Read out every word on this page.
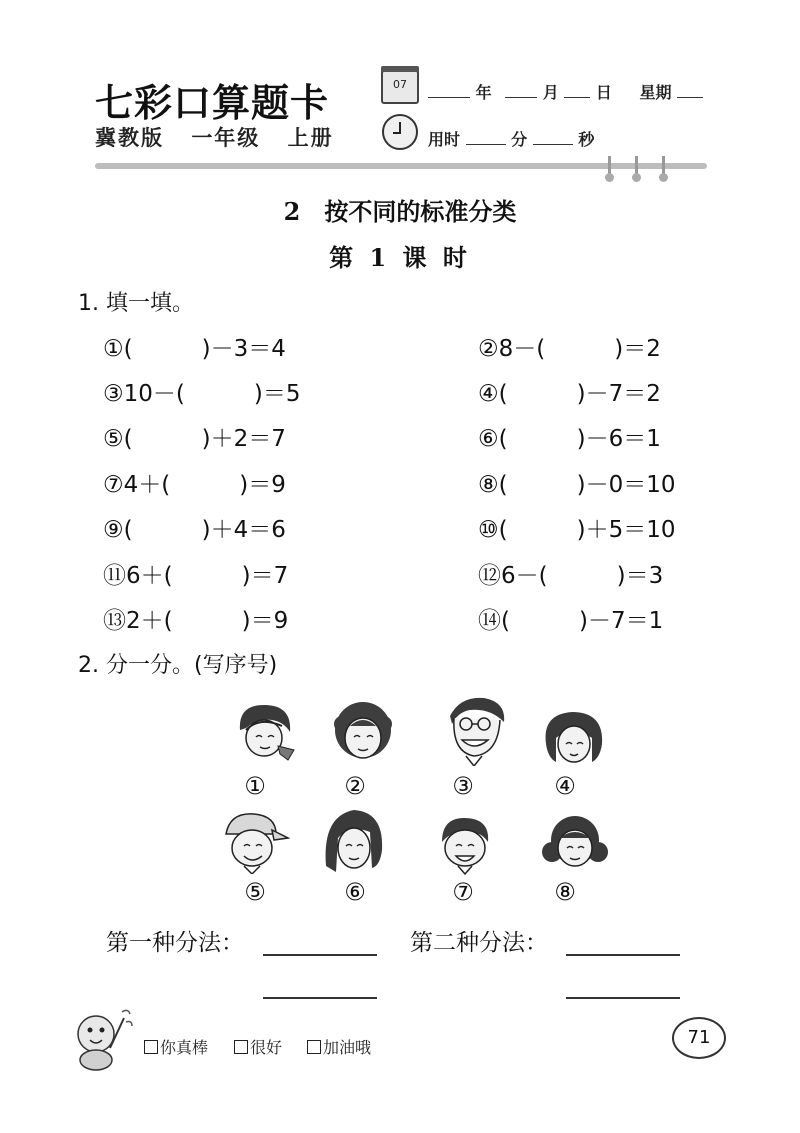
七彩口算题卡
冀教版 一年级 上册
07	年	月 日 星期
用时	分	秒
2　按不同的标准分类
第 1 课 时
1. 填一填。
①(　　　)－3＝4	②8－(　　　)＝2
③10－(　　　)＝5	④(　　　)－7＝2
⑤(　　　)＋2＝7	⑥(　　　)－6＝1
⑦4＋(　　　)＝9	⑧(　　　)－0＝10
⑨(　　　)＋4＝6	⑩(　　　)＋5＝10
⑪6＋(　　　)＝7	⑫6－(　　　)＝3
⑬2＋(　　　)＝9	⑭(　　　)－7＝1
2. 分一分。(写序号)
①	②	③	④
⑤	⑥	⑦	⑧
第一种分法：	第二种分法：
你真棒	很好	加油哦	71
